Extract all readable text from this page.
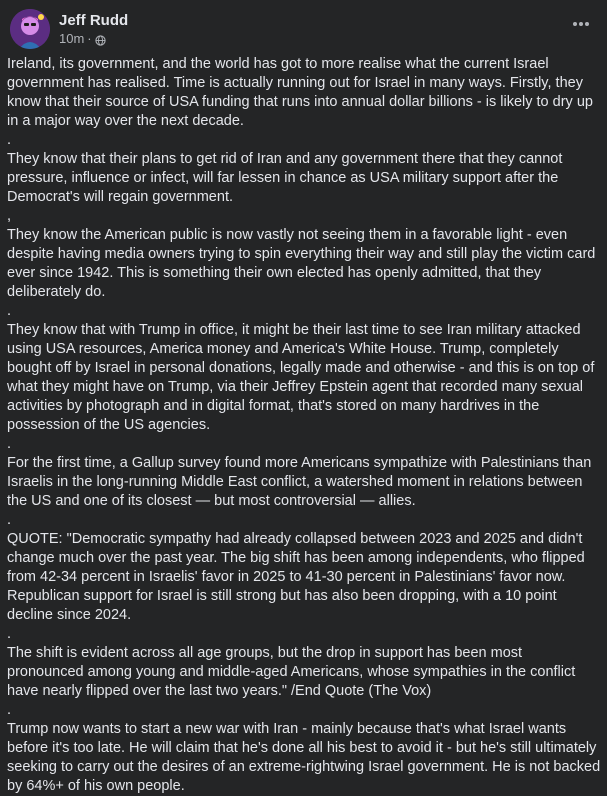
Jeff Rudd
10m ·

Ireland, its government, and the world has got to more realise what the current Israel government has realised. Time is actually running out for Israel in many ways. Firstly, they know that their source of USA funding that runs into annual dollar billions - is likely to dry up in a major way over the next decade.

.

They know that their plans to get rid of Iran and any government there that they cannot pressure, influence or infect, will far lessen in chance as USA military support after the Democrat's will regain government.

,

They know the American public is now vastly not seeing them in a favorable light - even despite having media owners trying to spin everything their way and still play the victim card ever since 1942. This is something their own elected has openly admitted, that they deliberately do.

.

They know that with Trump in office, it might be their last time to see Iran military attacked using USA resources, America money and America's White House. Trump, completely bought off by Israel in personal donations, legally made and otherwise - and this is on top of what they might have on Trump, via their Jeffrey Epstein agent that recorded many sexual activities by photograph and in digital format, that's stored on many hardrives in the possession of the US agencies.

.

For the first time, a Gallup survey found more Americans sympathize with Palestinians than Israelis in the long-running Middle East conflict, a watershed moment in relations between the US and one of its closest — but most controversial — allies.

.

QUOTE: "Democratic sympathy had already collapsed between 2023 and 2025 and didn't change much over the past year. The big shift has been among independents, who flipped from 42-34 percent in Israelis' favor in 2025 to 41-30 percent in Palestinians' favor now. Republican support for Israel is still strong but has also been dropping, with a 10 point decline since 2024.

.

The shift is evident across all age groups, but the drop in support has been most pronounced among young and middle-aged Americans, whose sympathies in the conflict have nearly flipped over the last two years." /End Quote (The Vox)

.

Trump now wants to start a new war with Iran - mainly because that's what Israel wants before it's too late. He will claim that he's done all his best to avoid it - but he's still ultimately seeking to carry out the desires of an extreme-rightwing Israel government. He is not backed by 64%+ of his own people.
